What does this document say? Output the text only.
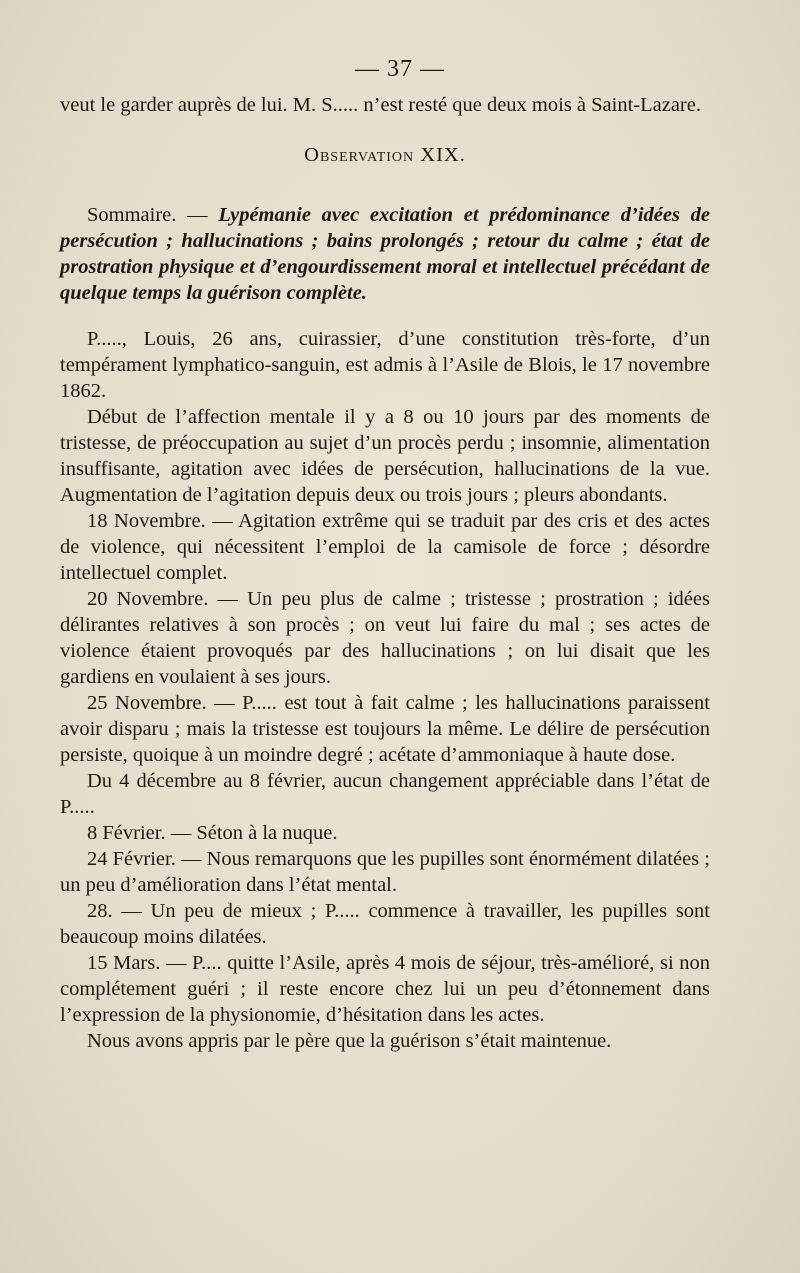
— 37 —

veut le garder auprès de lui. M. S..... n’est resté que deux mois à Saint-Lazare.

Observation XIX.

Sommaire. — Lypémanie avec excitation et prédominance d’idées de persécution ; hallucinations ; bains prolongés ; retour du calme ; état de prostration physique et d’engourdissement moral et intellectuel précédant de quelque temps la guérison complète.

P....., Louis, 26 ans, cuirassier, d’une constitution très-forte, d’un tempérament lymphatico-sanguin, est admis à l’Asile de Blois, le 17 novembre 1862.

Début de l’affection mentale il y a 8 ou 10 jours par des moments de tristesse, de préoccupation au sujet d’un procès perdu ; insomnie, alimentation insuffisante, agitation avec idées de persécution, hallucinations de la vue. Augmentation de l’agitation depuis deux ou trois jours ; pleurs abondants.

18 Novembre. — Agitation extrême qui se traduit par des cris et des actes de violence, qui nécessitent l’emploi de la camisole de force ; désordre intellectuel complet.

20 Novembre. — Un peu plus de calme ; tristesse ; prostration ; idées délirantes relatives à son procès ; on veut lui faire du mal ; ses actes de violence étaient provoqués par des hallucinations ; on lui disait que les gardiens en voulaient à ses jours.

25 Novembre. — P..... est tout à fait calme ; les hallucinations paraissent avoir disparu ; mais la tristesse est toujours la même. Le délire de persécution persiste, quoique à un moindre degré ; acétate d’ammoniaque à haute dose.

Du 4 décembre au 8 février, aucun changement appréciable dans l’état de P.....

8 Février. — Séton à la nuque.

24 Février. — Nous remarquons que les pupilles sont énormément dilatées ; un peu d’amélioration dans l’état mental.

28. — Un peu de mieux ; P..... commence à travailler, les pupilles sont beaucoup moins dilatées.

15 Mars. — P.... quitte l’Asile, après 4 mois de séjour, très-amélioré, si non complétement guéri ; il reste encore chez lui un peu d’étonnement dans l’expression de la physionomie, d’hésitation dans les actes.

Nous avons appris par le père que la guérison s’était maintenue.
